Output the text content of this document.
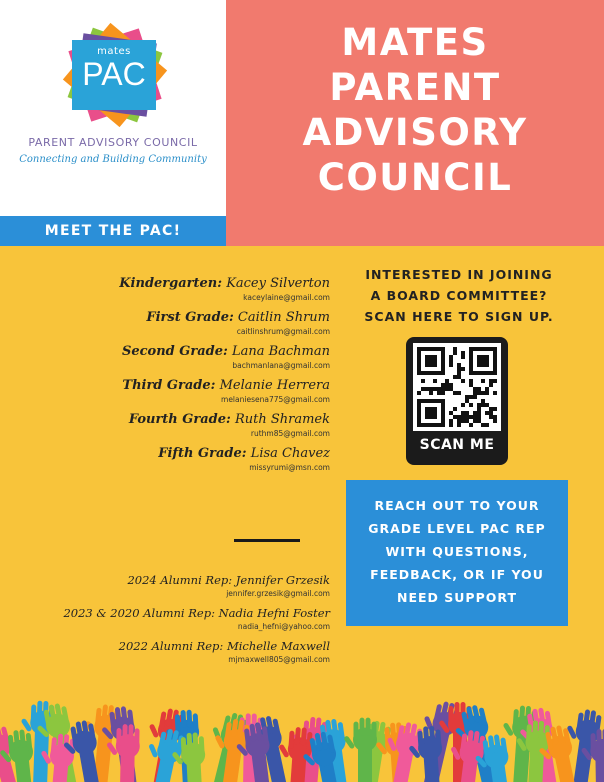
mates
PAC
PARENT ADVISORY COUNCIL
Connecting and Building Community
MEET THE PAC!
MATES
PARENT
ADVISORY
COUNCIL
Kindergarten: Kacey Silverton
kaceylaine@gmail.com
First Grade: Caitlin Shrum
caitlinshrum@gmail.com
Second Grade: Lana Bachman
bachmanlana@gmail.com
Third Grade: Melanie Herrera
melaniesena775@gmail.com
Fourth Grade: Ruth Shramek
ruthm85@gmail.com
Fifth Grade: Lisa Chavez
missyrumi@msn.com
2024 Alumni Rep: Jennifer Grzesik
jennifer.grzesik@gmail.com
2023 & 2020 Alumni Rep: Nadia Hefni Foster
nadia_hefni@yahoo.com
2022 Alumni Rep: Michelle Maxwell
mjmaxwell805@gmail.com
INTERESTED IN JOINING
A BOARD COMMITTEE?
SCAN HERE TO SIGN UP.
SCAN ME
REACH OUT TO YOUR
GRADE LEVEL PAC REP
WITH QUESTIONS,
FEEDBACK, OR IF YOU
NEED SUPPORT
